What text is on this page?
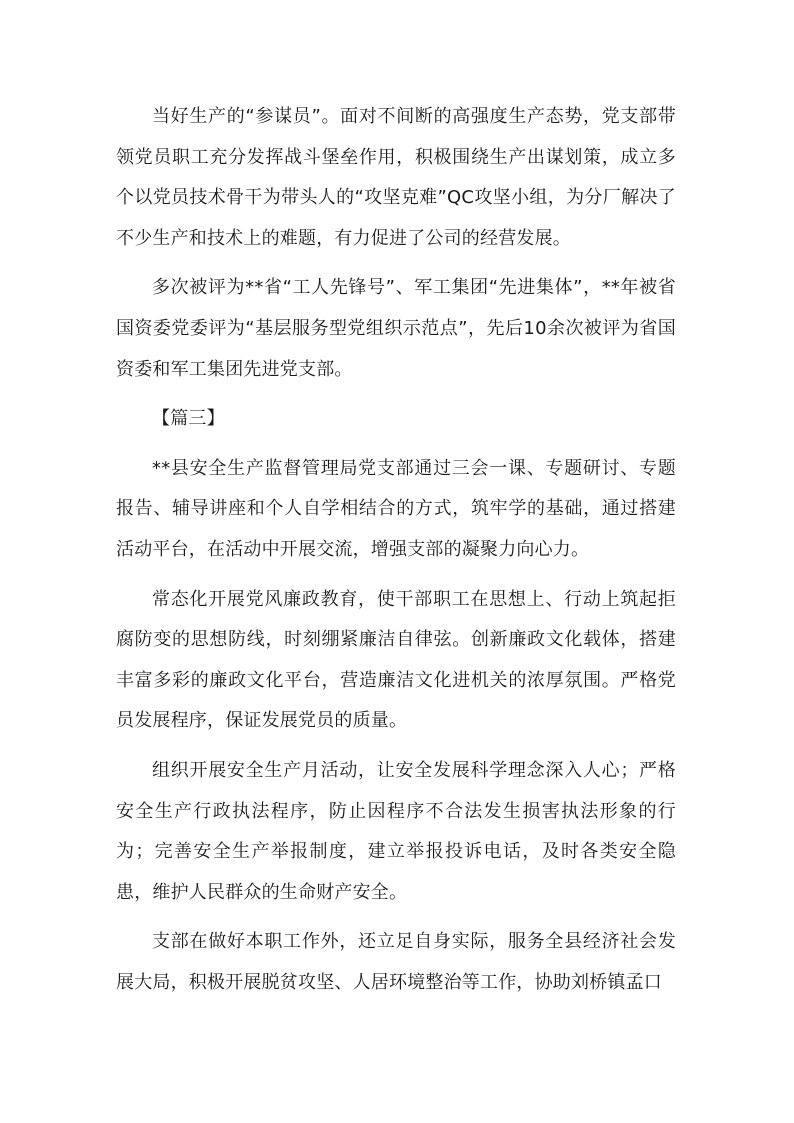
当好生产的“参谋员”。面对不间断的高强度生产态势，党支部带领党员职工充分发挥战斗堡垒作用，积极围绕生产出谋划策，成立多个以党员技术骨干为带头人的“攻坚克难”QC攻坚小组，为分厂解决了不少生产和技术上的难题，有力促进了公司的经营发展。

多次被评为**省“工人先锋号”、军工集团“先进集体”，**年被省国资委党委评为“基层服务型党组织示范点”，先后10余次被评为省国资委和军工集团先进党支部。

【篇三】

**县安全生产监督管理局党支部通过三会一课、专题研讨、专题报告、辅导讲座和个人自学相结合的方式，筑牢学的基础，通过搭建活动平台，在活动中开展交流，增强支部的凝聚力向心力。

常态化开展党风廉政教育，使干部职工在思想上、行动上筑起拒腐防变的思想防线，时刻绷紧廉洁自律弦。创新廉政文化载体，搭建丰富多彩的廉政文化平台，营造廉洁文化进机关的浓厚氛围。严格党员发展程序，保证发展党员的质量。

组织开展安全生产月活动，让安全发展科学理念深入人心；严格安全生产行政执法程序，防止因程序不合法发生损害执法形象的行为；完善安全生产举报制度，建立举报投诉电话，及时各类安全隐患，维护人民群众的生命财产安全。

支部在做好本职工作外，还立足自身实际，服务全县经济社会发展大局，积极开展脱贫攻坚、人居环境整治等工作，协助刘桥镇孟口
